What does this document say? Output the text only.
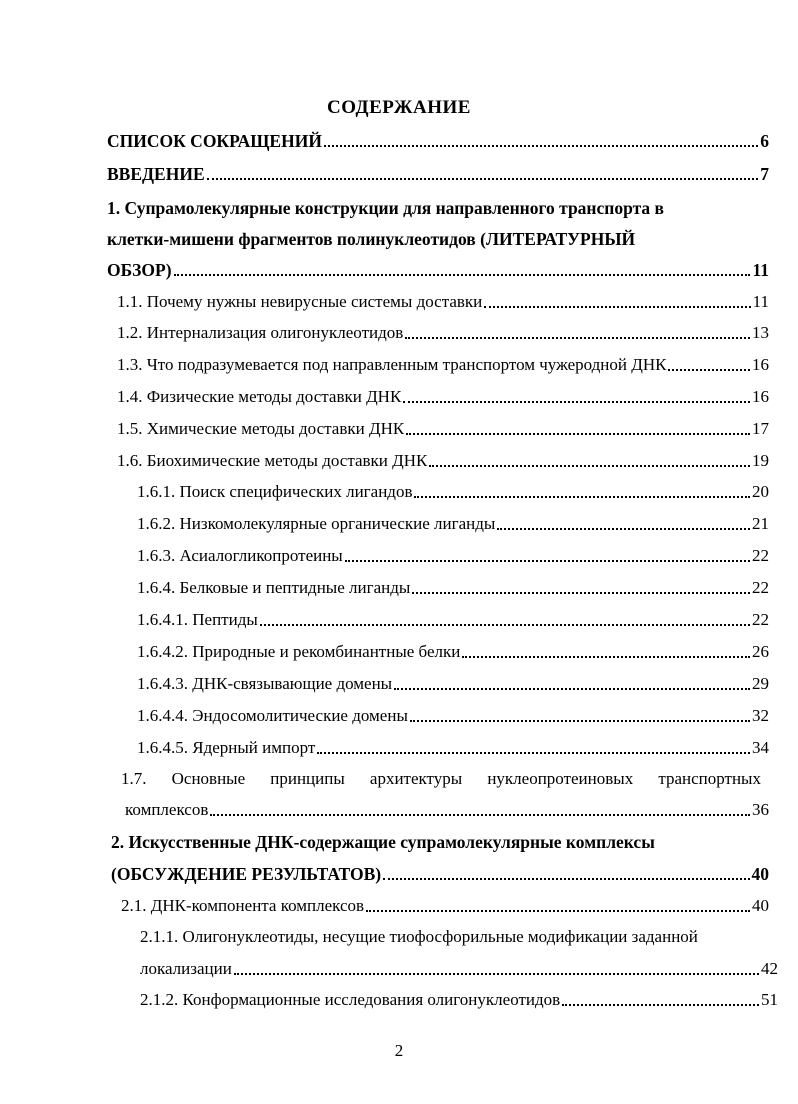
СОДЕРЖАНИЕ
СПИСОК СОКРАЩЕНИЙ	6
ВВЕДЕНИЕ	7
1. Супрамолекулярные конструкции для направленного транспорта в
клетки-мишени фрагментов полинуклеотидов (ЛИТЕРАТУРНЫЙ
ОБЗОР)	11
1.1. Почему нужны невирусные системы доставки	11
1.2. Интернализация олигонуклеотидов	13
1.3. Что подразумевается под направленным транспортом чужеродной ДНК	16
1.4. Физические методы доставки ДНК	16
1.5. Химические методы доставки ДНК	17
1.6. Биохимические методы доставки ДНК	19
1.6.1. Поиск специфических лигандов	20
1.6.2. Низкомолекулярные органические лиганды	21
1.6.3. Асиалогликопротеины	22
1.6.4. Белковые и пептидные лиганды	22
1.6.4.1. Пептиды	22
1.6.4.2. Природные и рекомбинантные белки	26
1.6.4.3. ДНК-связывающие домены	29
1.6.4.4. Эндосомолитические домены	32
1.6.4.5. Ядерный импорт	34
1.7. Основные принципы архитектуры нуклеопротеиновых транспортных
комплексов	36
2. Искусственные ДНК-содержащие супрамолекулярные комплексы
(ОБСУЖДЕНИЕ РЕЗУЛЬТАТОВ)	40
2.1. ДНК-компонента комплексов	40
2.1.1. Олигонуклеотиды, несущие тиофосфорильные модификации заданной
локализации	42
2.1.2. Конформационные исследования олигонуклеотидов	51
2
